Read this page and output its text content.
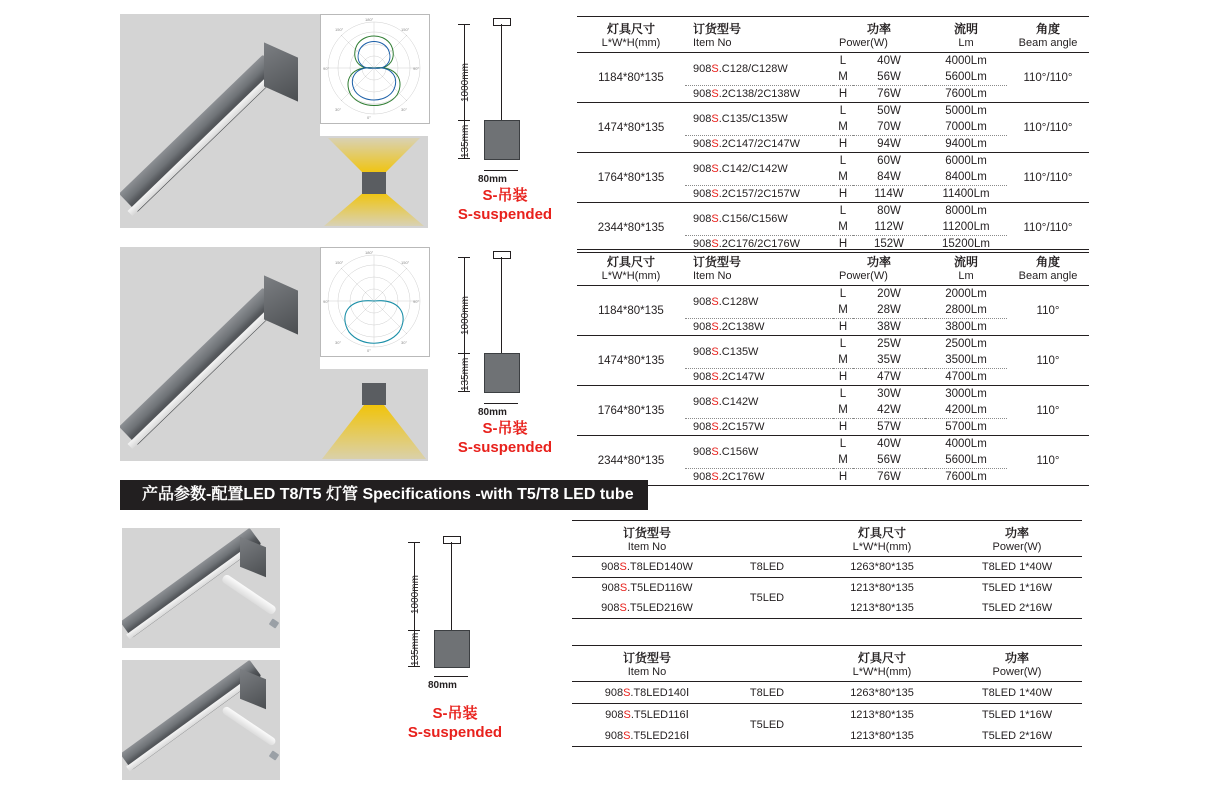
180°
90°	90°
0°
150°	150°
30°	30°
1000mm
135mm
80mm
S-吊装
S-suspended
灯具尺寸	订货型号	功率		流明	角度
L*W*H(mm)	Item No	Power(W)		Lm	Beam angle
1184*80*135	908S.C128/C128W	L	40W	4000Lm	110°/110°
		M	56W	5600Lm	
	908S.2C138/2C138W	H	76W	7600Lm	
1474*80*135	908S.C135/C135W	L	50W	5000Lm	110°/110°
		M	70W	7000Lm	
	908S.2C147/2C147W	H	94W	9400Lm	
1764*80*135	908S.C142/C142W	L	60W	6000Lm	110°/110°
		M	84W	8400Lm	
	908S.2C157/2C157W	H	114W	11400Lm	
2344*80*135	908S.C156/C156W	L	80W	8000Lm	110°/110°
		M	112W	11200Lm	
	908S.2C176/2C176W	H	152W	15200Lm	
180°
90°	90°
0°
150°	150°
30°	30°
1000mm
135mm
80mm
S-吊装
S-suspended
灯具尺寸	订货型号	功率		流明	角度
L*W*H(mm)	Item No	Power(W)		Lm	Beam angle
1184*80*135	908S.C128W	L	20W	2000Lm	110°
		M	28W	2800Lm	
	908S.2C138W	H	38W	3800Lm	
1474*80*135	908S.C135W	L	25W	2500Lm	110°
		M	35W	3500Lm	
	908S.2C147W	H	47W	4700Lm	
1764*80*135	908S.C142W	L	30W	3000Lm	110°
		M	42W	4200Lm	
	908S.2C157W	H	57W	5700Lm	
2344*80*135	908S.C156W	L	40W	4000Lm	110°
		M	56W	5600Lm	
	908S.2C176W	H	76W	7600Lm	
产品参数-配置LED T8/T5 灯管 Specifications -with T5/T8 LED tube
1000mm
135mm
80mm
S-吊装
S-suspended
订货型号		灯具尺寸	功率
Item No		L*W*H(mm)	Power(W)
908S.T8LED140W	T8LED	1263*80*135	T8LED 1*40W
908S.T5LED116W	T5LED	1213*80*135	T5LED 1*16W
908S.T5LED216W		1213*80*135	T5LED 2*16W
订货型号		灯具尺寸	功率
Item No		L*W*H(mm)	Power(W)
908S.T8LED140Ⅰ	T8LED	1263*80*135	T8LED 1*40W
908S.T5LED116Ⅰ	T5LED	1213*80*135	T5LED 1*16W
908S.T5LED216Ⅰ		1213*80*135	T5LED 2*16W
